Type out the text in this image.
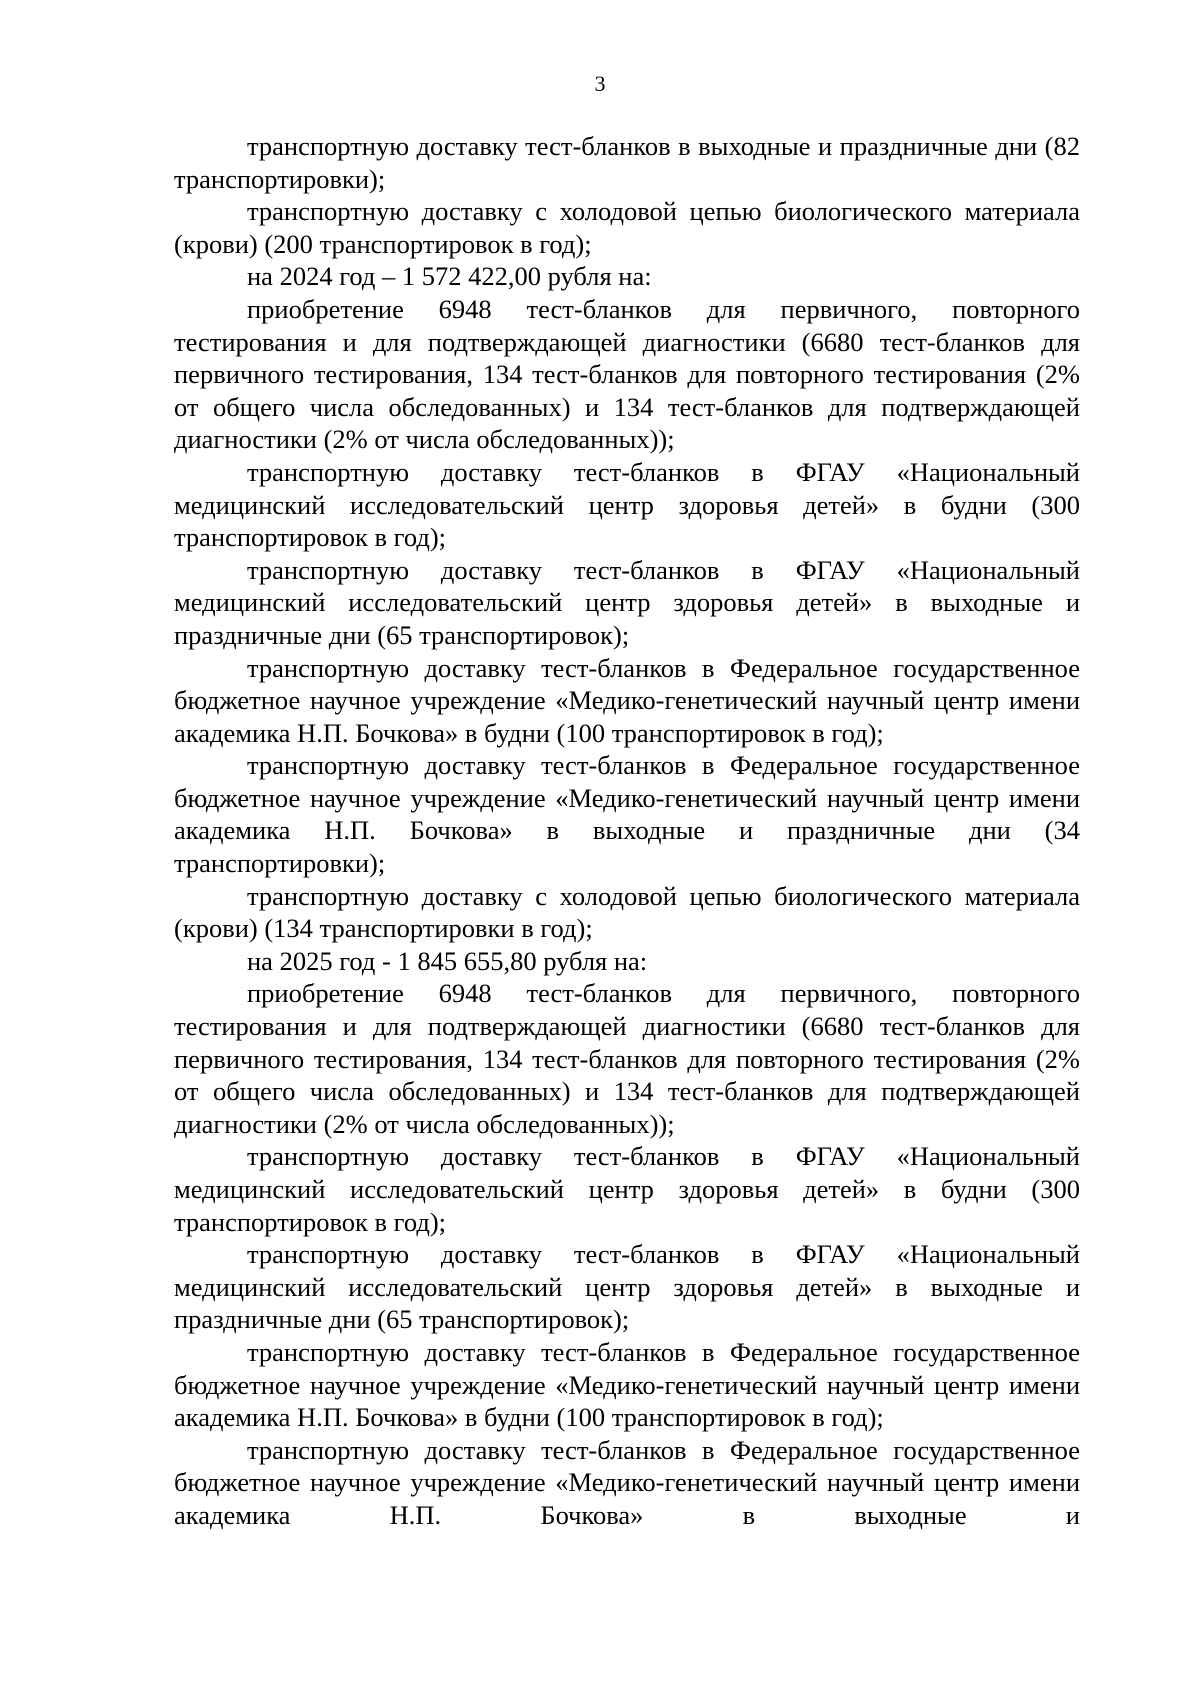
3

транспортную доставку тест-бланков в выходные и праздничные дни (82 транспортировки);

транспортную доставку с холодовой цепью биологического материала (крови) (200 транспортировок в год);

на 2024 год – 1 572 422,00 рубля на:

приобретение 6948 тест-бланков для первичного, повторного тестирования и для подтверждающей диагностики (6680 тест-бланков для первичного тестирования, 134 тест-бланков для повторного тестирования (2% от общего числа обследованных) и 134 тест-бланков для подтверждающей диагностики (2% от числа обследованных));

транспортную доставку тест-бланков в ФГАУ «Национальный медицинский исследовательский центр здоровья детей» в будни (300 транспортировок в год);

транспортную доставку тест-бланков в ФГАУ «Национальный медицинский исследовательский центр здоровья детей» в выходные и праздничные дни (65 транспортировок);

транспортную доставку тест-бланков в Федеральное государственное бюджетное научное учреждение «Медико-генетический научный центр имени академика Н.П. Бочкова» в будни (100 транспортировок в год);

транспортную доставку тест-бланков в Федеральное государственное бюджетное научное учреждение «Медико-генетический научный центр имени академика Н.П. Бочкова» в выходные и праздничные дни (34 транспортировки);

транспортную доставку с холодовой цепью биологического материала (крови) (134 транспортировки в год);

на 2025 год - 1 845 655,80 рубля на:

приобретение 6948 тест-бланков для первичного, повторного тестирования и для подтверждающей диагностики (6680 тест-бланков для первичного тестирования, 134 тест-бланков для повторного тестирования (2% от общего числа обследованных) и 134 тест-бланков для подтверждающей диагностики (2% от числа обследованных));

транспортную доставку тест-бланков в ФГАУ «Национальный медицинский исследовательский центр здоровья детей» в будни (300 транспортировок в год);

транспортную доставку тест-бланков в ФГАУ «Национальный медицинский исследовательский центр здоровья детей» в выходные и праздничные дни (65 транспортировок);

транспортную доставку тест-бланков в Федеральное государственное бюджетное научное учреждение «Медико-генетический научный центр имени академика Н.П. Бочкова» в будни (100 транспортировок в год);

транспортную доставку тест-бланков в Федеральное государственное бюджетное научное учреждение «Медико-генетический научный центр имени академика Н.П. Бочкова» в выходные и
